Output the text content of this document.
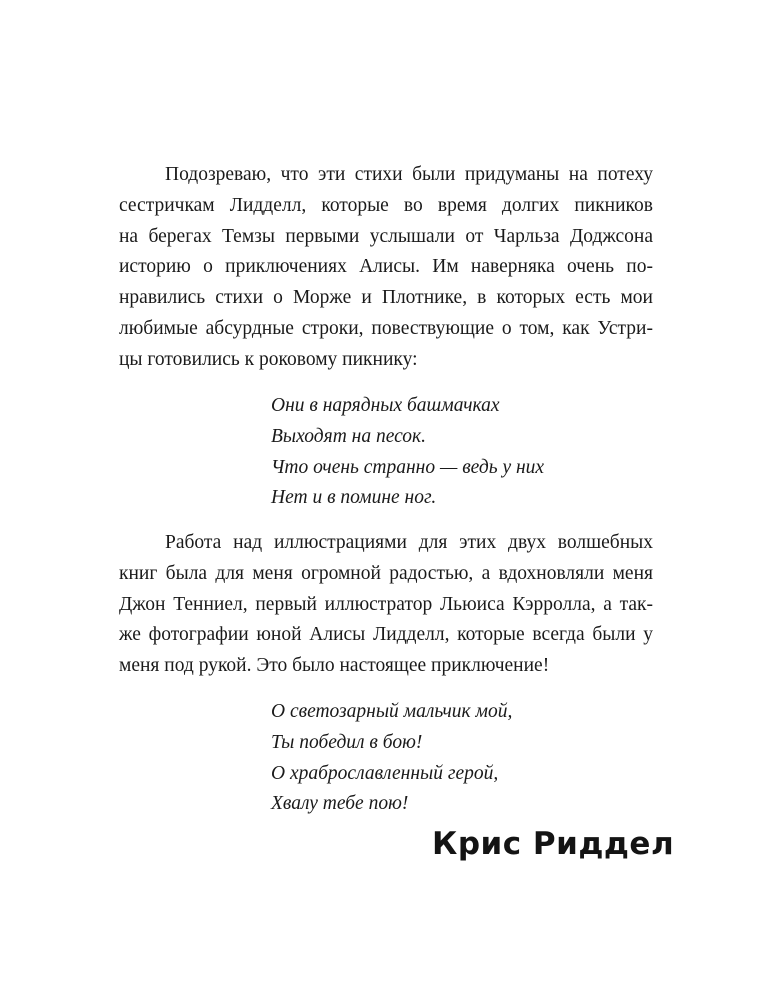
Подозреваю, что эти стихи были придуманы на потеху
сестричкам Лидделл, которые во время долгих пикников
на берегах Темзы первыми услышали от Чарльза Доджсона
историю о приключениях Алисы. Им наверняка очень по-
нравились стихи о Морже и Плотнике, в которых есть мои
любимые абсурдные строки, повествующие о том, как Устри-
цы готовились к роковому пикнику:

Они в нарядных башмачках
Выходят на песок.
Что очень странно — ведь у них
Нет и в помине ног.

Работа над иллюстрациями для этих двух волшебных
книг была для меня огромной радостью, а вдохновляли меня
Джон Тенниел, первый иллюстратор Льюиса Кэрролла, а так-
же фотографии юной Алисы Лидделл, которые всегда были у
меня под рукой. Это было настоящее приключение!

О светозарный мальчик мой,
Ты победил в бою!
О храброславленный герой,
Хвалу тебе пою!

Крис Риддел
